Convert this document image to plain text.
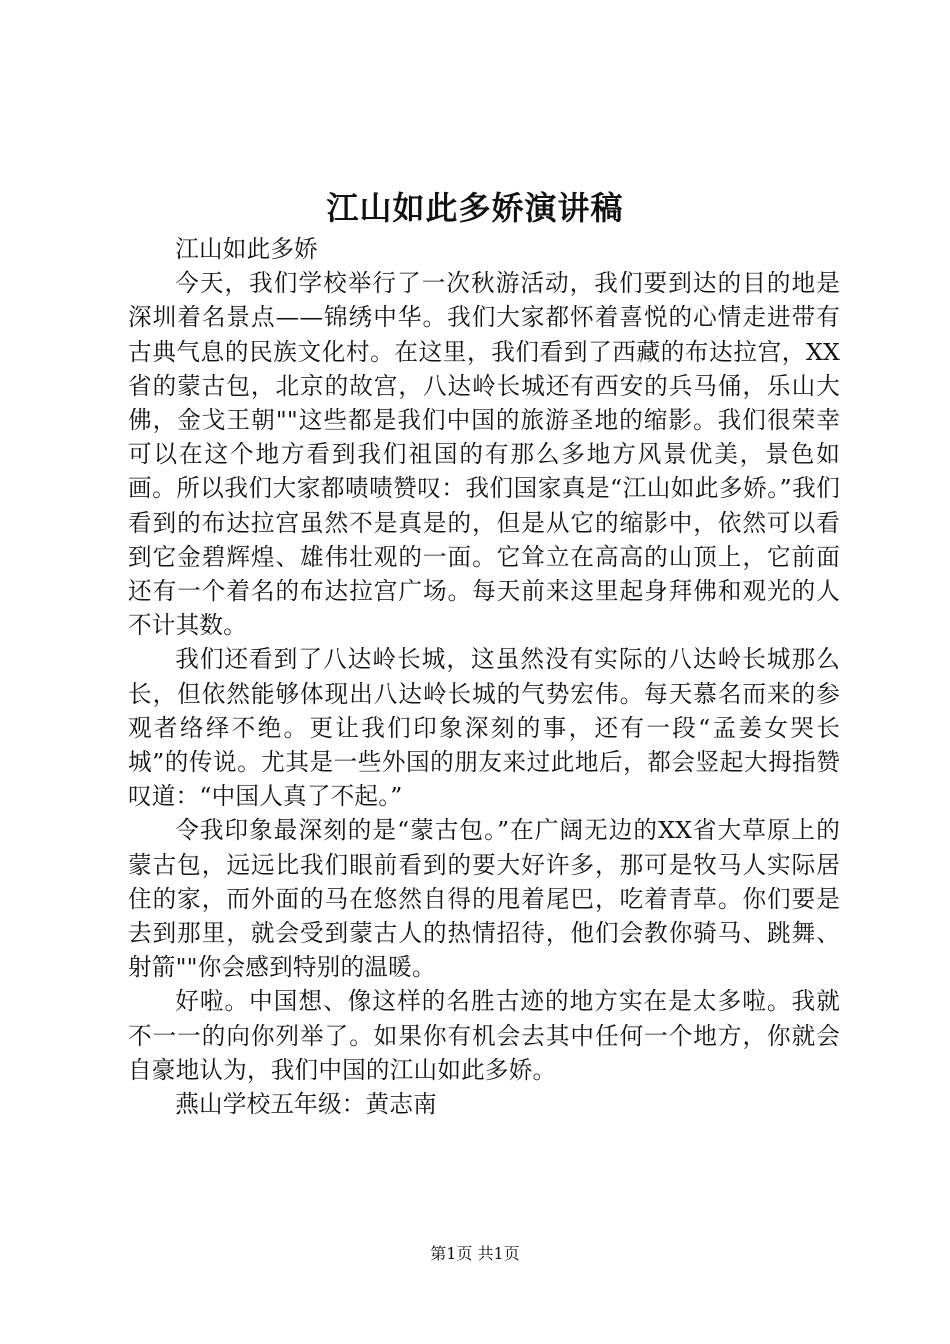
江山如此多娇演讲稿

江山如此多娇

今天，我们学校举行了一次秋游活动，我们要到达的目的地是深圳着名景点——锦绣中华。我们大家都怀着喜悦的心情走进带有古典气息的民族文化村。在这里，我们看到了西藏的布达拉宫，XX省的蒙古包，北京的故宫，八达岭长城还有西安的兵马俑，乐山大佛，金戈王朝""这些都是我们中国的旅游圣地的缩影。我们很荣幸可以在这个地方看到我们祖国的有那么多地方风景优美，景色如画。所以我们大家都啧啧赞叹：我们国家真是“江山如此多娇。”我们看到的布达拉宫虽然不是真是的，但是从它的缩影中，依然可以看到它金碧辉煌、雄伟壮观的一面。它耸立在高高的山顶上，它前面还有一个着名的布达拉宫广场。每天前来这里起身拜佛和观光的人不计其数。

我们还看到了八达岭长城，这虽然没有实际的八达岭长城那么长，但依然能够体现出八达岭长城的气势宏伟。每天慕名而来的参观者络绎不绝。更让我们印象深刻的事，还有一段“孟姜女哭长城”的传说。尤其是一些外国的朋友来过此地后，都会竖起大拇指赞叹道：“中国人真了不起。”

令我印象最深刻的是“蒙古包。”在广阔无边的XX省大草原上的蒙古包，远远比我们眼前看到的要大好许多，那可是牧马人实际居住的家，而外面的马在悠然自得的甩着尾巴，吃着青草。你们要是去到那里，就会受到蒙古人的热情招待，他们会教你骑马、跳舞、射箭""你会感到特别的温暖。

好啦。中国想、像这样的名胜古迹的地方实在是太多啦。我就不一一的向你列举了。如果你有机会去其中任何一个地方，你就会自豪地认为，我们中国的江山如此多娇。

燕山学校五年级：黄志南

第1页 共1页
